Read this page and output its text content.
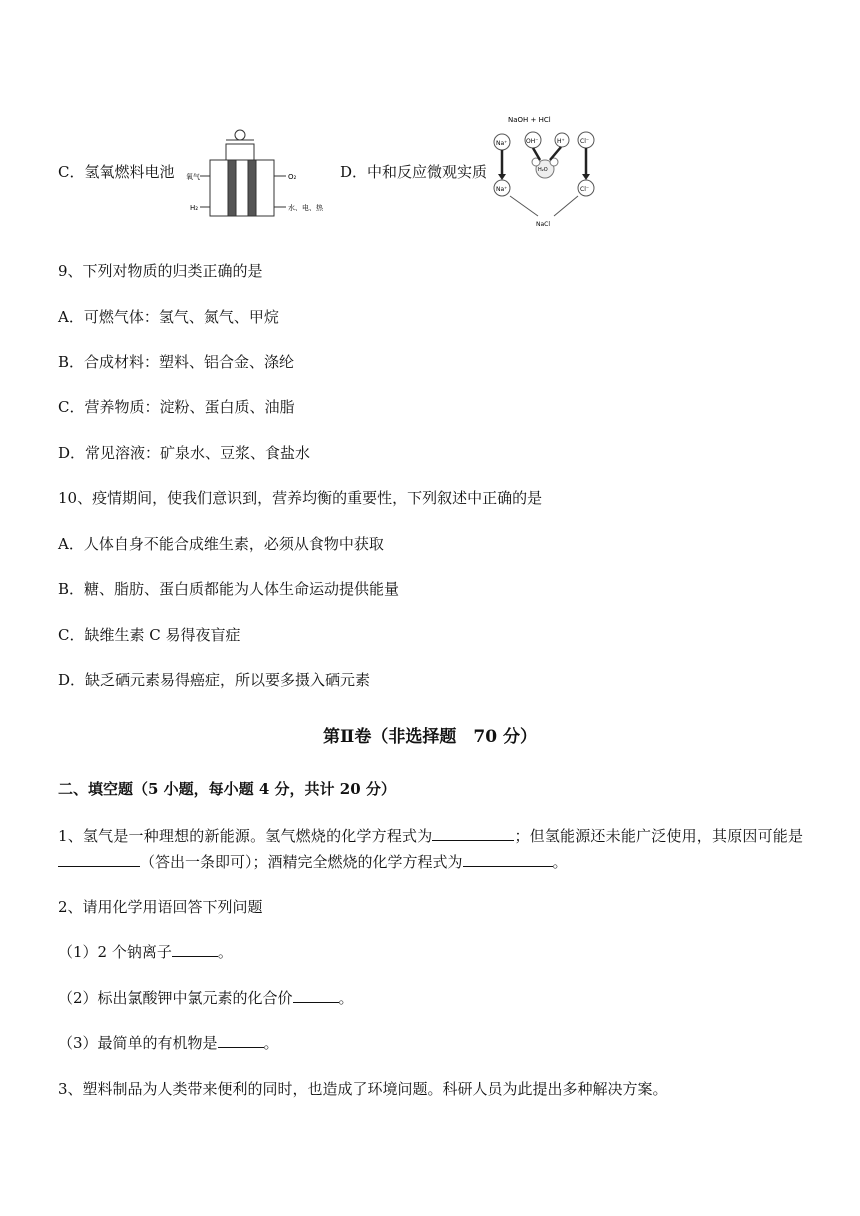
C．氢氧燃料电池 氧气	O₂
H₂	水、电、热
D．中和反应微观实质
NaOH + HCl
Na⁺	OH⁻	H⁺	Cl⁻
H₂O
Na⁺	Cl⁻
NaCl
9、下列对物质的归类正确的是
A．可燃气体：氢气、氮气、甲烷
B．合成材料：塑料、铝合金、涤纶
C．营养物质：淀粉、蛋白质、油脂
D．常见溶液：矿泉水、豆浆、食盐水
10、疫情期间，使我们意识到，营养均衡的重要性，下列叙述中正确的是
A．人体自身不能合成维生素，必须从食物中获取
B．糖、脂肪、蛋白质都能为人体生命运动提供能量
C．缺维生素 C 易得夜盲症
D．缺乏硒元素易得癌症，所以要多摄入硒元素
第Ⅱ卷（非选择题　70 分）
二、填空题（5 小题，每小题 4 分，共计 20 分）
1、氢气是一种理想的新能源。氢气燃烧的化学方程式为	；但氢能源还未能广泛使用，其原因可能是（答出一条即可）；酒精完全燃烧的化学方程式为	。
2、请用化学用语回答下列问题
（1）2 个钠离子	。
（2）标出氯酸钾中氯元素的化合价	。
（3）最简单的有机物是	。
3、塑料制品为人类带来便利的同时，也造成了环境问题。科研人员为此提出多种解决方案。
